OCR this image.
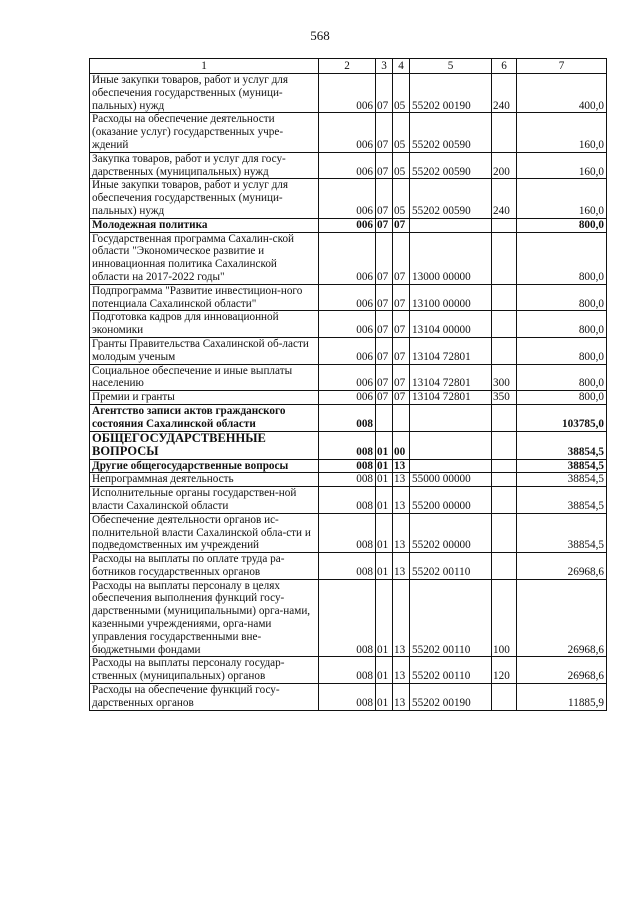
568
1	2	3	4	5	6	7
Иные закупки товаров, работ и услуг для обеспечения государственных (муници-пальных) нужд	006	07	05	55202 00190	240	400,0
Расходы на обеспечение деятельности (оказание услуг) государственных учре-ждений	006	07	05	55202 00590		160,0
Закупка товаров, работ и услуг для госу-дарственных (муниципальных) нужд	006	07	05	55202 00590	200	160,0
Иные закупки товаров, работ и услуг для обеспечения государственных (муници-пальных) нужд	006	07	05	55202 00590	240	160,0
Молодежная политика	006	07	07			800,0
Государственная программа Сахалин-ской области "Экономическое развитие и инновационная политика Сахалинской области на 2017-2022 годы"	006	07	07	13000 00000		800,0
Подпрограмма "Развитие инвестицион-ного потенциала Сахалинской области"	006	07	07	13100 00000		800,0
Подготовка кадров для инновационной экономики	006	07	07	13104 00000		800,0
Гранты Правительства Сахалинской об-ласти молодым ученым	006	07	07	13104 72801		800,0
Социальное обеспечение и иные выплаты населению	006	07	07	13104 72801	300	800,0
Премии и гранты	006	07	07	13104 72801	350	800,0
Агентство записи актов гражданского состояния Сахалинской области	008					103785,0
ОБЩЕГОСУДАРСТВЕННЫЕ ВОПРОСЫ	008	01	00			38854,5
Другие общегосударственные вопросы	008	01	13			38854,5
Непрограммная деятельность	008	01	13	55000 00000		38854,5
Исполнительные органы государствен-ной власти Сахалинской области	008	01	13	55200 00000		38854,5
Обеспечение деятельности органов ис-полнительной власти Сахалинской обла-сти и подведомственных им учреждений	008	01	13	55202 00000		38854,5
Расходы на выплаты по оплате труда ра-ботников государственных органов	008	01	13	55202 00110		26968,6
Расходы на выплаты персоналу в целях обеспечения выполнения функций госу-дарственными (муниципальными) орга-нами, казенными учреждениями, орга-нами управления государственными вне-бюджетными фондами	008	01	13	55202 00110	100	26968,6
Расходы на выплаты персоналу государ-ственных (муниципальных) органов	008	01	13	55202 00110	120	26968,6
Расходы на обеспечение функций госу-дарственных органов	008	01	13	55202 00190		11885,9
